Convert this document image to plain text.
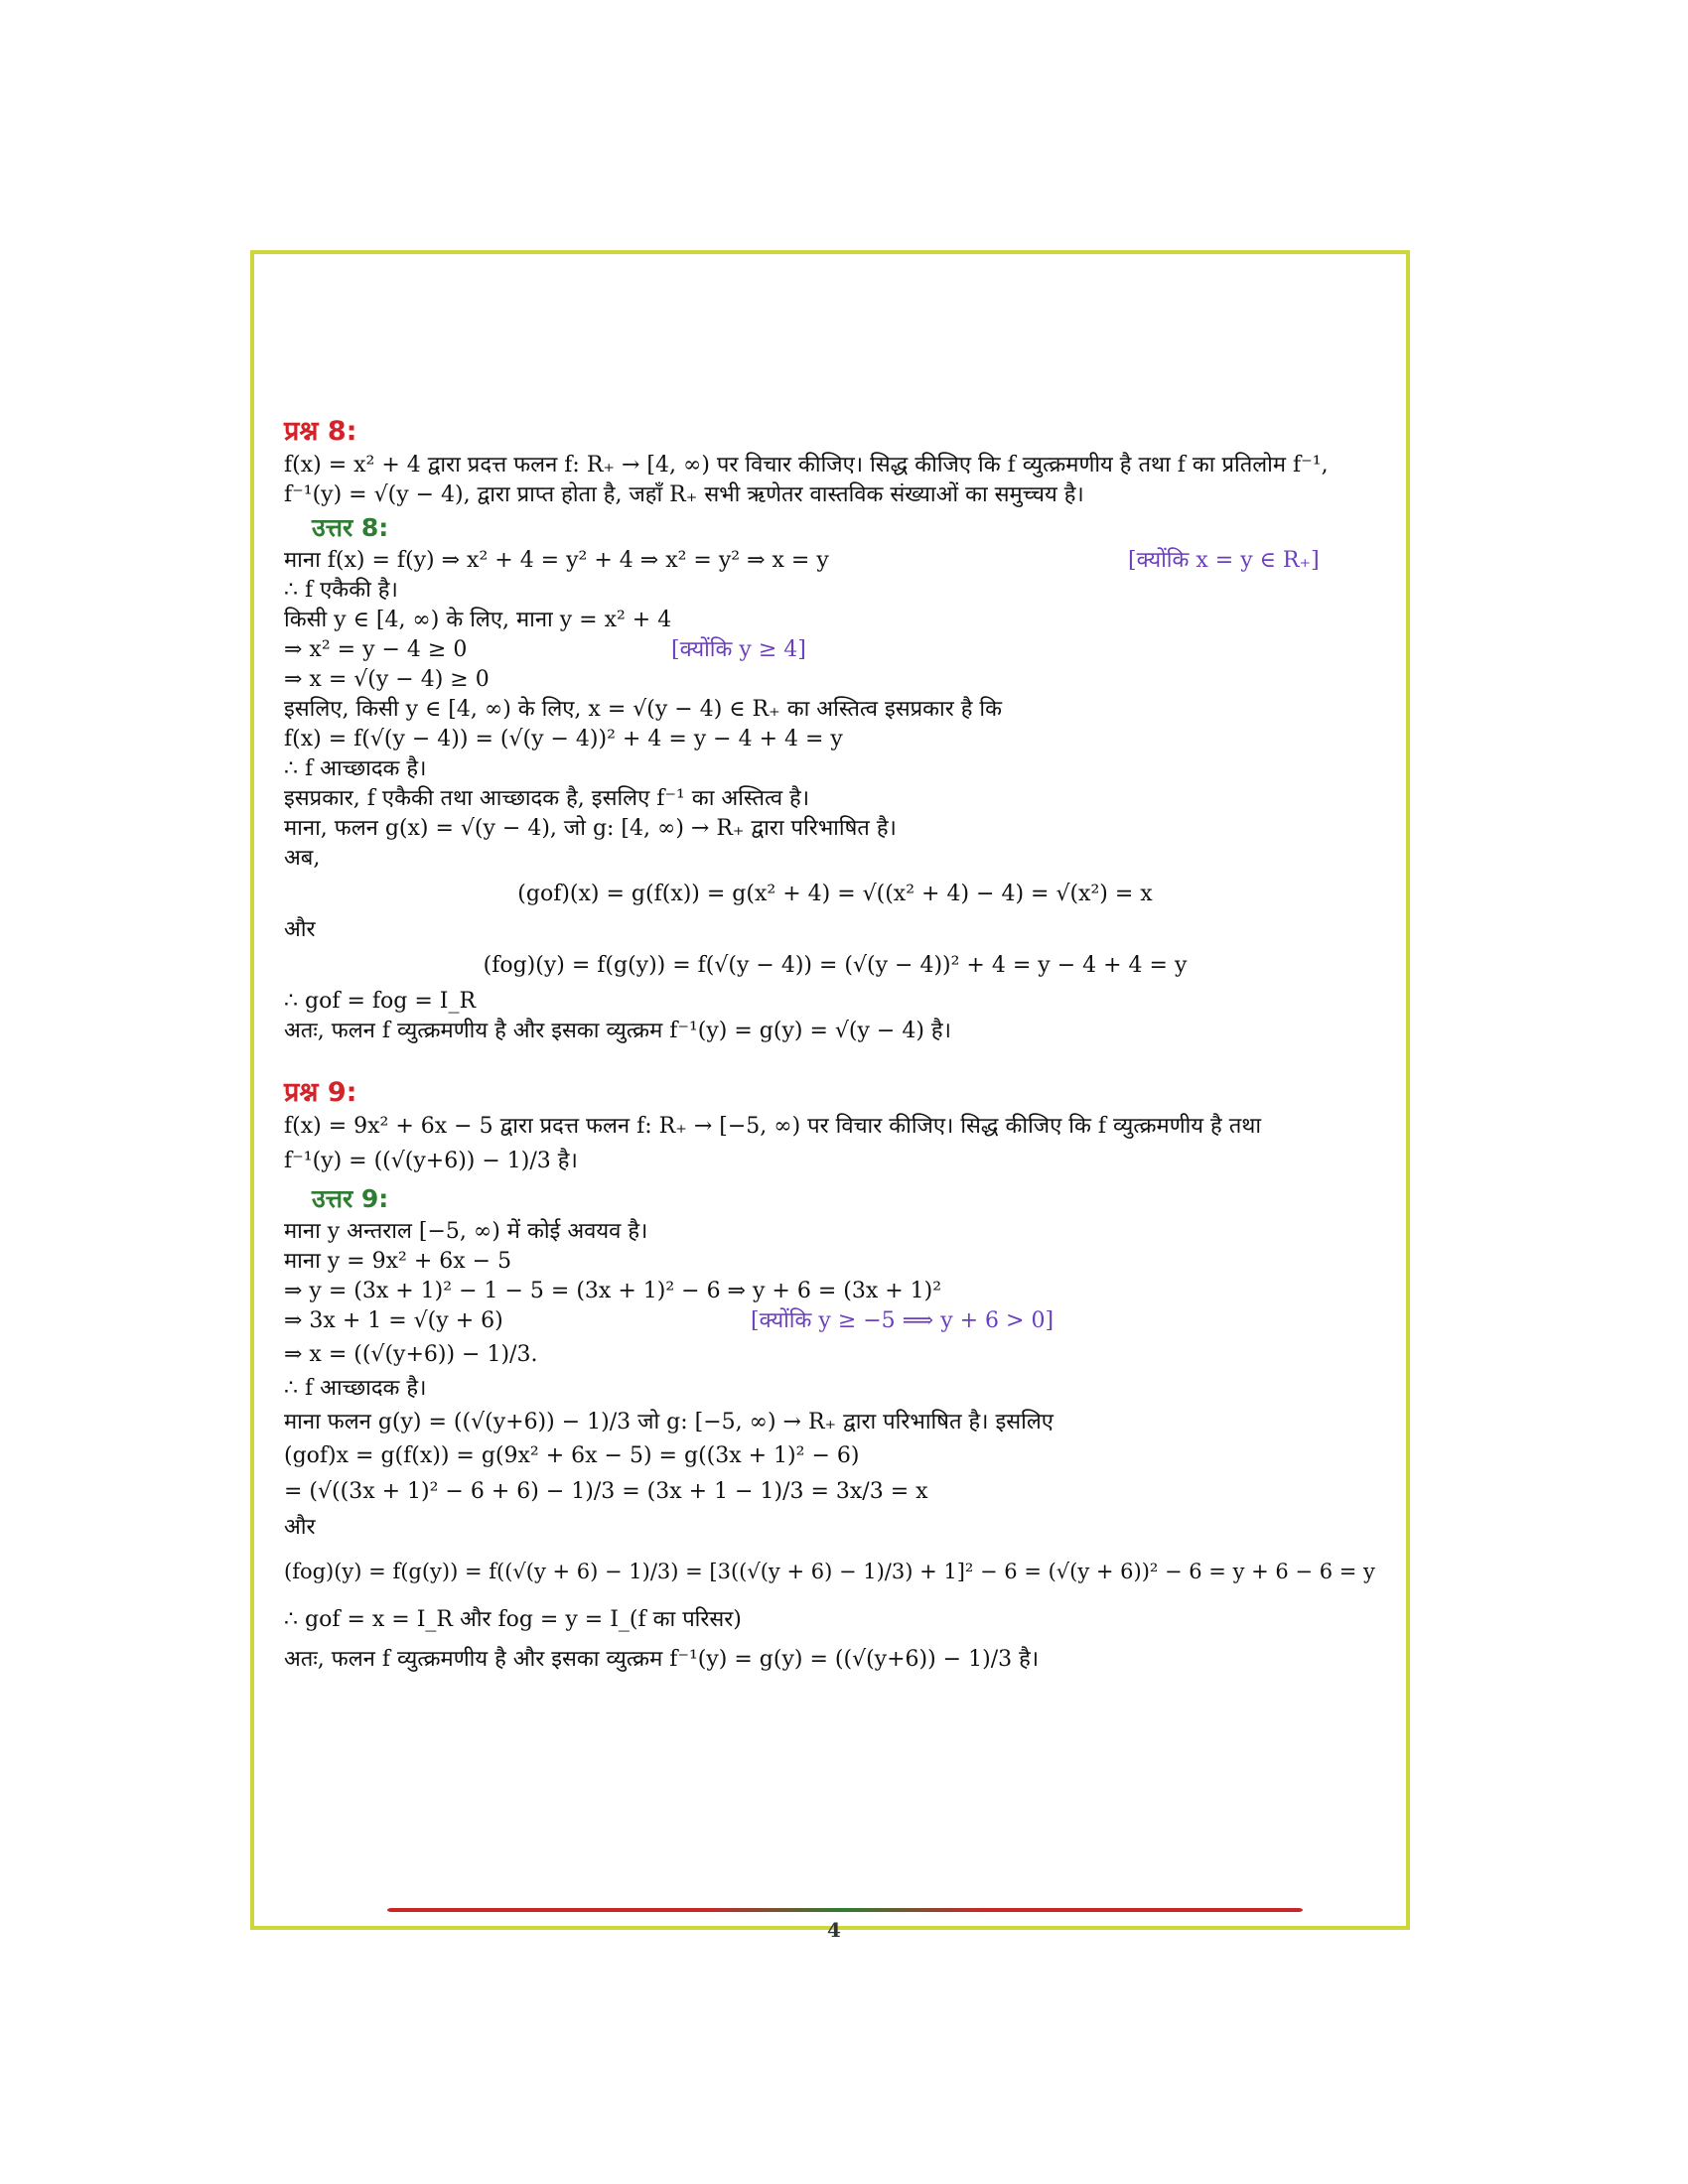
प्रश्न 8:
f(x) = x² + 4 द्वारा प्रदत्त फलन f: R₊ → [4, ∞) पर विचार कीजिए। सिद्ध कीजिए कि f व्युत्क्रमणीय है तथा f का प्रतिलोम f⁻¹,
f⁻¹(y) = √(y − 4), द्वारा प्राप्त होता है, जहाँ R₊ सभी ऋणेतर वास्तविक संख्याओं का समुच्चय है।
उत्तर 8:
माना f(x) = f(y) ⇒ x² + 4 = y² + 4 ⇒ x² = y² ⇒ x = y	[क्योंकि x = y ∈ R₊]
∴ f एकैकी है।
किसी y ∈ [4, ∞) के लिए, माना y = x² + 4
⇒ x² = y − 4 ≥ 0	[क्योंकि y ≥ 4]
⇒ x = √(y − 4) ≥ 0
इसलिए, किसी y ∈ [4, ∞) के लिए, x = √(y − 4) ∈ R₊ का अस्तित्व इसप्रकार है कि
f(x) = f(√(y − 4)) = (√(y − 4))² + 4 = y − 4 + 4 = y
∴ f आच्छादक है।
इसप्रकार, f एकैकी तथा आच्छादक है, इसलिए f⁻¹ का अस्तित्व है।
माना, फलन g(x) = √(y − 4), जो g: [4, ∞) → R₊ द्वारा परिभाषित है।
अब,
(gof)(x) = g(f(x)) = g(x² + 4) = √((x² + 4) − 4) = √(x²) = x
और
(fog)(y) = f(g(y)) = f(√(y − 4)) = (√(y − 4))² + 4 = y − 4 + 4 = y
∴ gof = fog = I_R
अतः, फलन f व्युत्क्रमणीय है और इसका व्युत्क्रम f⁻¹(y) = g(y) = √(y − 4) है।
प्रश्न 9:
f(x) = 9x² + 6x − 5 द्वारा प्रदत्त फलन f: R₊ → [−5, ∞) पर विचार कीजिए। सिद्ध कीजिए कि f व्युत्क्रमणीय है तथा
f⁻¹(y) = ((√(y+6)) − 1)/3 है।
उत्तर 9:
माना y अन्तराल [−5, ∞) में कोई अवयव है।
माना y = 9x² + 6x − 5
⇒ y = (3x + 1)² − 1 − 5 = (3x + 1)² − 6 ⇒ y + 6 = (3x + 1)²
⇒ 3x + 1 = √(y + 6)	[क्योंकि y ≥ −5 ⟹ y + 6 > 0]
⇒ x = ((√(y+6)) − 1)/3.
∴ f आच्छादक है।
माना फलन g(y) = ((√(y+6)) − 1)/3 जो g: [−5, ∞) → R₊ द्वारा परिभाषित है। इसलिए
(gof)x = g(f(x)) = g(9x² + 6x − 5) = g((3x + 1)² − 6)
= (√((3x + 1)² − 6 + 6) − 1)/3 = (3x + 1 − 1)/3 = 3x/3 = x
और
(fog)(y) = f(g(y)) = f((√(y + 6) − 1)/3) = [3((√(y + 6) − 1)/3) + 1]² − 6 = (√(y + 6))² − 6 = y + 6 − 6 = y
∴ gof = x = I_R और fog = y = I_(f का परिसर)
अतः, फलन f व्युत्क्रमणीय है और इसका व्युत्क्रम f⁻¹(y) = g(y) = ((√(y+6)) − 1)/3 है।
4
